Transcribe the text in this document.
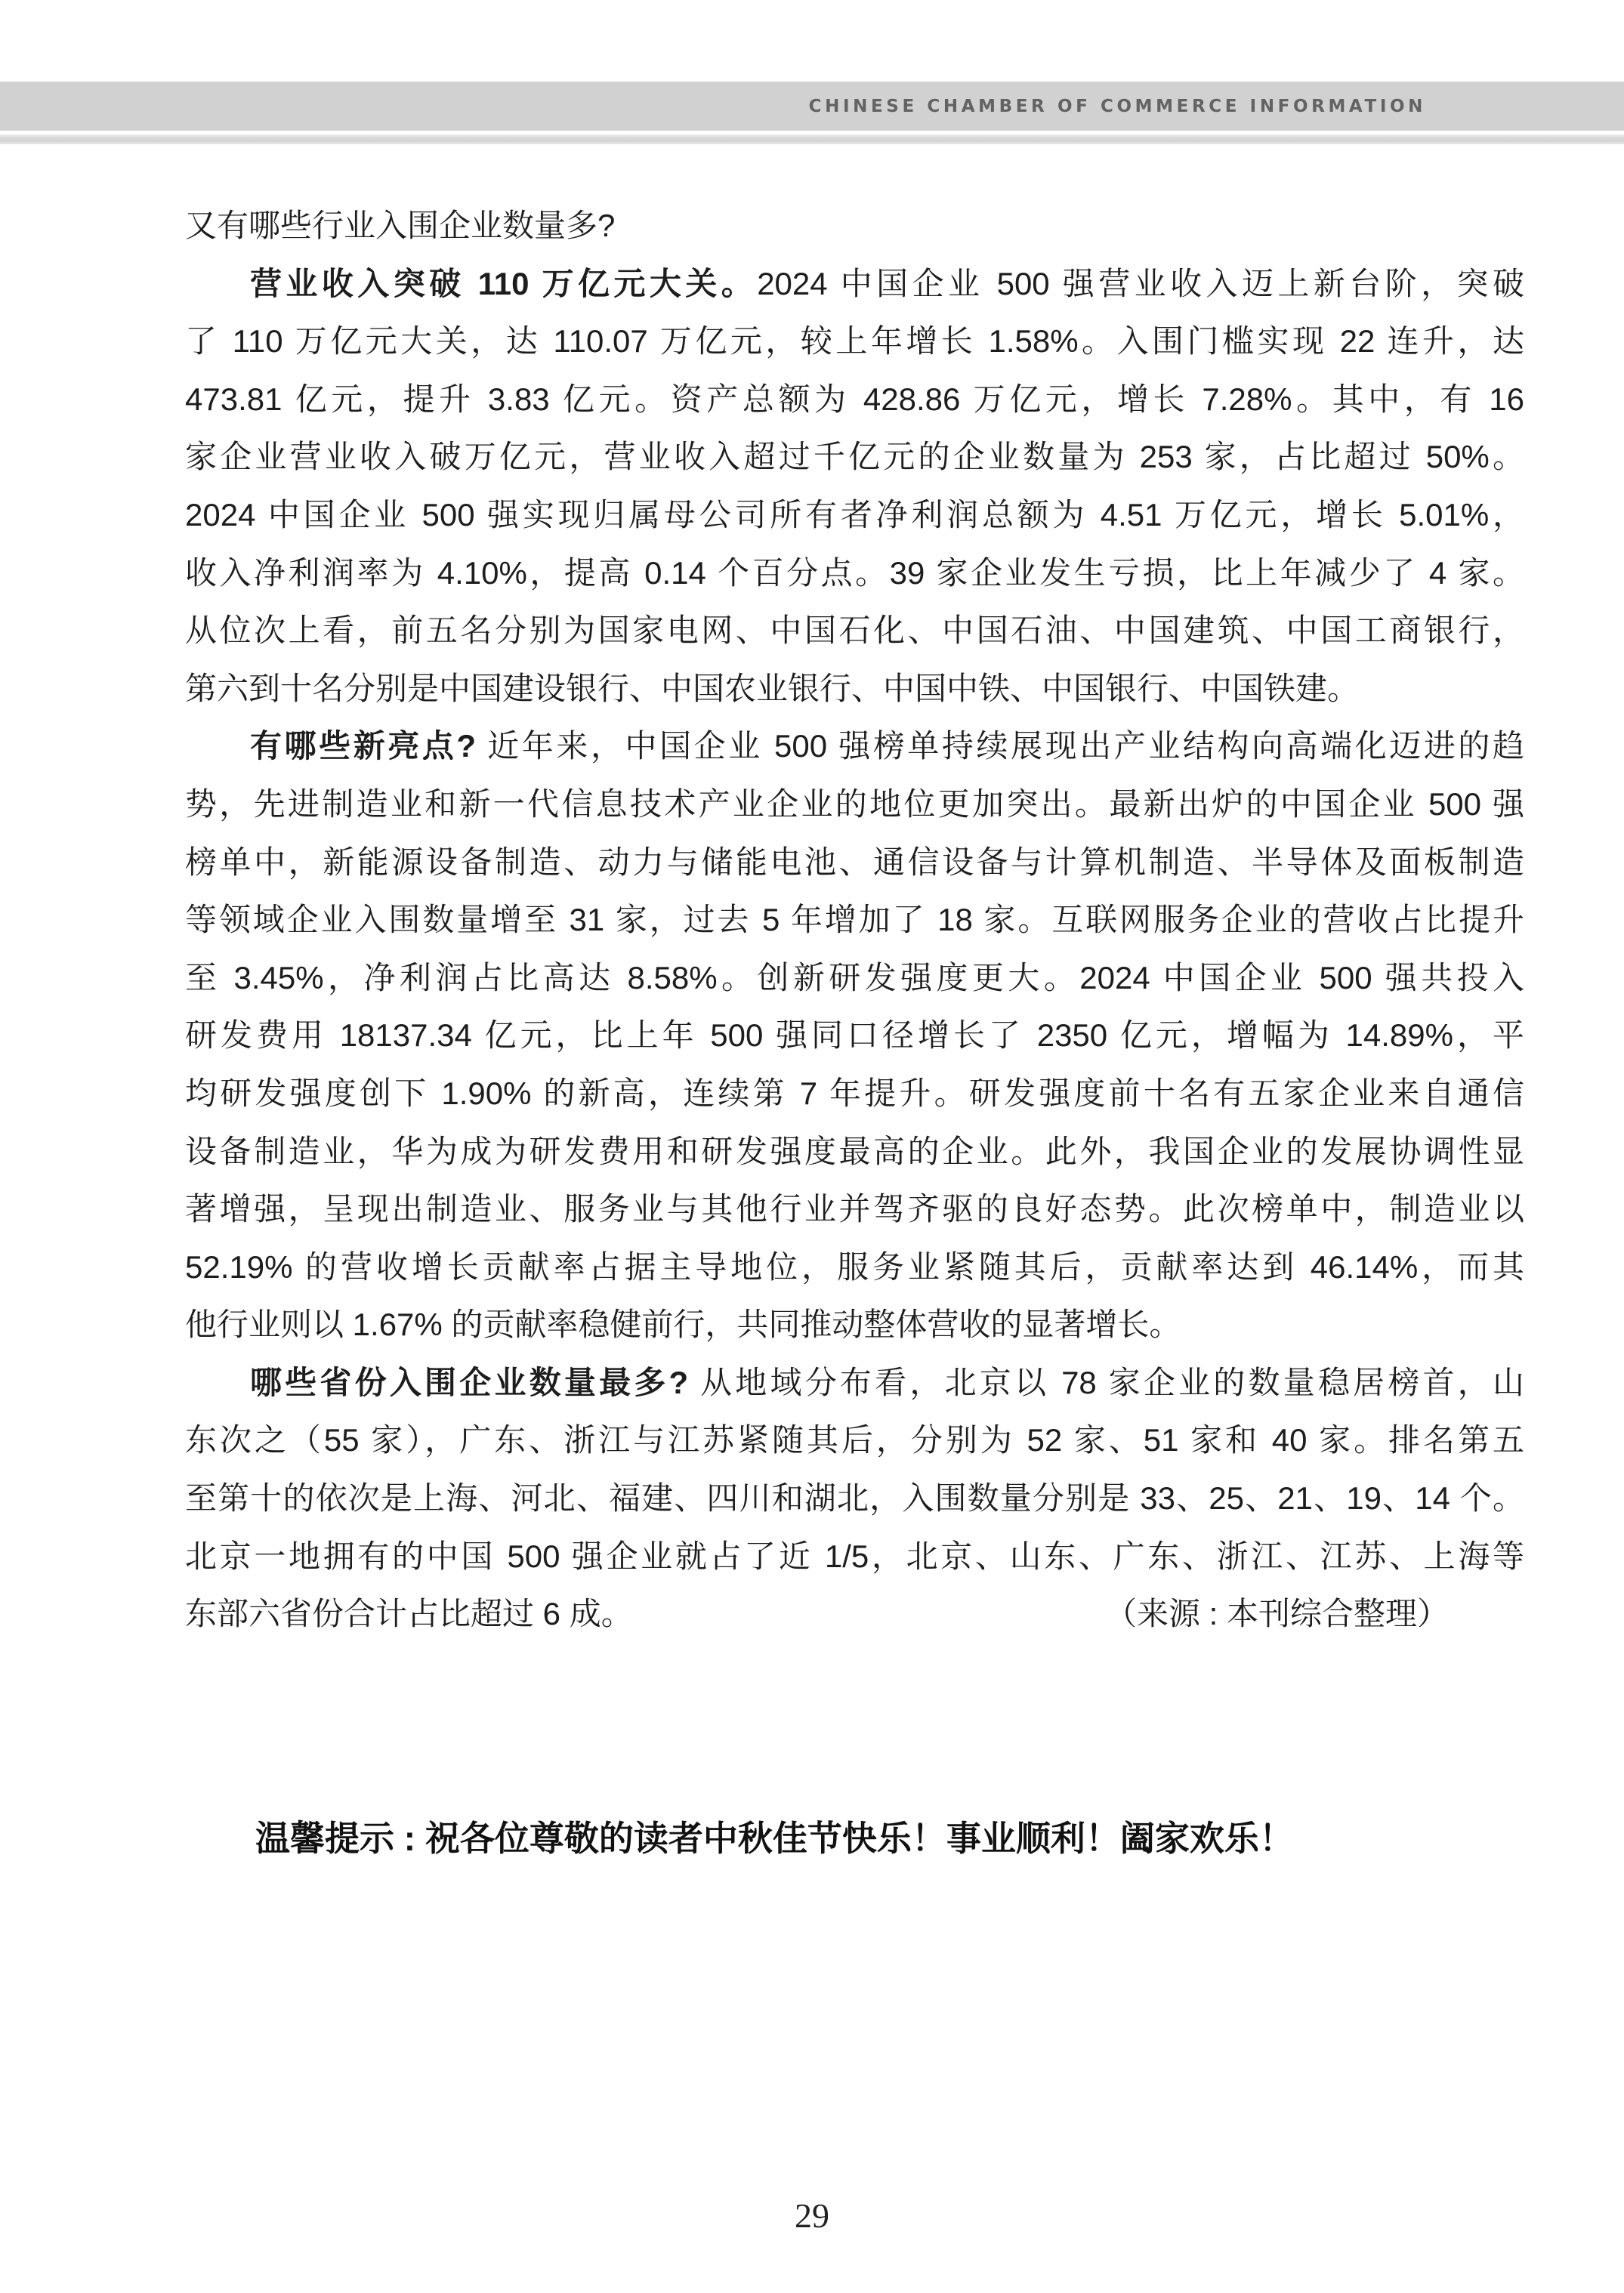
CHINESE CHAMBER OF COMMERCE INFORMATION
又有哪些行业入围企业数量多?
营业收入突破 110 万亿元大关。2024 中国企业 500 强营业收入迈上新台阶，突破
了 110 万亿元大关，达 110.07 万亿元，较上年增长 1.58%。入围门槛实现 22 连升，达
473.81 亿元，提升 3.83 亿元。资产总额为 428.86 万亿元，增长 7.28%。其中，有 16
家企业营业收入破万亿元，营业收入超过千亿元的企业数量为 253 家，占比超过 50%。
2024 中国企业 500 强实现归属母公司所有者净利润总额为 4.51 万亿元，增长 5.01%，
收入净利润率为 4.10%，提高 0.14 个百分点。39 家企业发生亏损，比上年减少了 4 家。
从位次上看，前五名分别为国家电网、中国石化、中国石油、中国建筑、中国工商银行，
第六到十名分别是中国建设银行、中国农业银行、中国中铁、中国银行、中国铁建。
有哪些新亮点? 近年来，中国企业 500 强榜单持续展现出产业结构向高端化迈进的趋
势，先进制造业和新一代信息技术产业企业的地位更加突出。最新出炉的中国企业 500 强
榜单中，新能源设备制造、动力与储能电池、通信设备与计算机制造、半导体及面板制造
等领域企业入围数量增至 31 家，过去 5 年增加了 18 家。互联网服务企业的营收占比提升
至 3.45%，净利润占比高达 8.58%。创新研发强度更大。2024 中国企业 500 强共投入
研发费用 18137.34 亿元，比上年 500 强同口径增长了 2350 亿元，增幅为 14.89%，平
均研发强度创下 1.90% 的新高，连续第 7 年提升。研发强度前十名有五家企业来自通信
设备制造业，华为成为研发费用和研发强度最高的企业。此外，我国企业的发展协调性显
著增强，呈现出制造业、服务业与其他行业并驾齐驱的良好态势。此次榜单中，制造业以
52.19% 的营收增长贡献率占据主导地位，服务业紧随其后，贡献率达到 46.14%，而其
他行业则以 1.67% 的贡献率稳健前行，共同推动整体营收的显著增长。
哪些省份入围企业数量最多? 从地域分布看，北京以 78 家企业的数量稳居榜首，山
东次之（55 家），广东、浙江与江苏紧随其后，分别为 52 家、51 家和 40 家。排名第五
至第十的依次是上海、河北、福建、四川和湖北，入围数量分别是 33、25、21、19、14 个。
北京一地拥有的中国 500 强企业就占了近 1/5，北京、山东、广东、浙江、江苏、上海等
东部六省份合计占比超过 6 成。	（来源 : 本刊综合整理）
温馨提示 : 祝各位尊敬的读者中秋佳节快乐！事业顺利！阖家欢乐！
29
